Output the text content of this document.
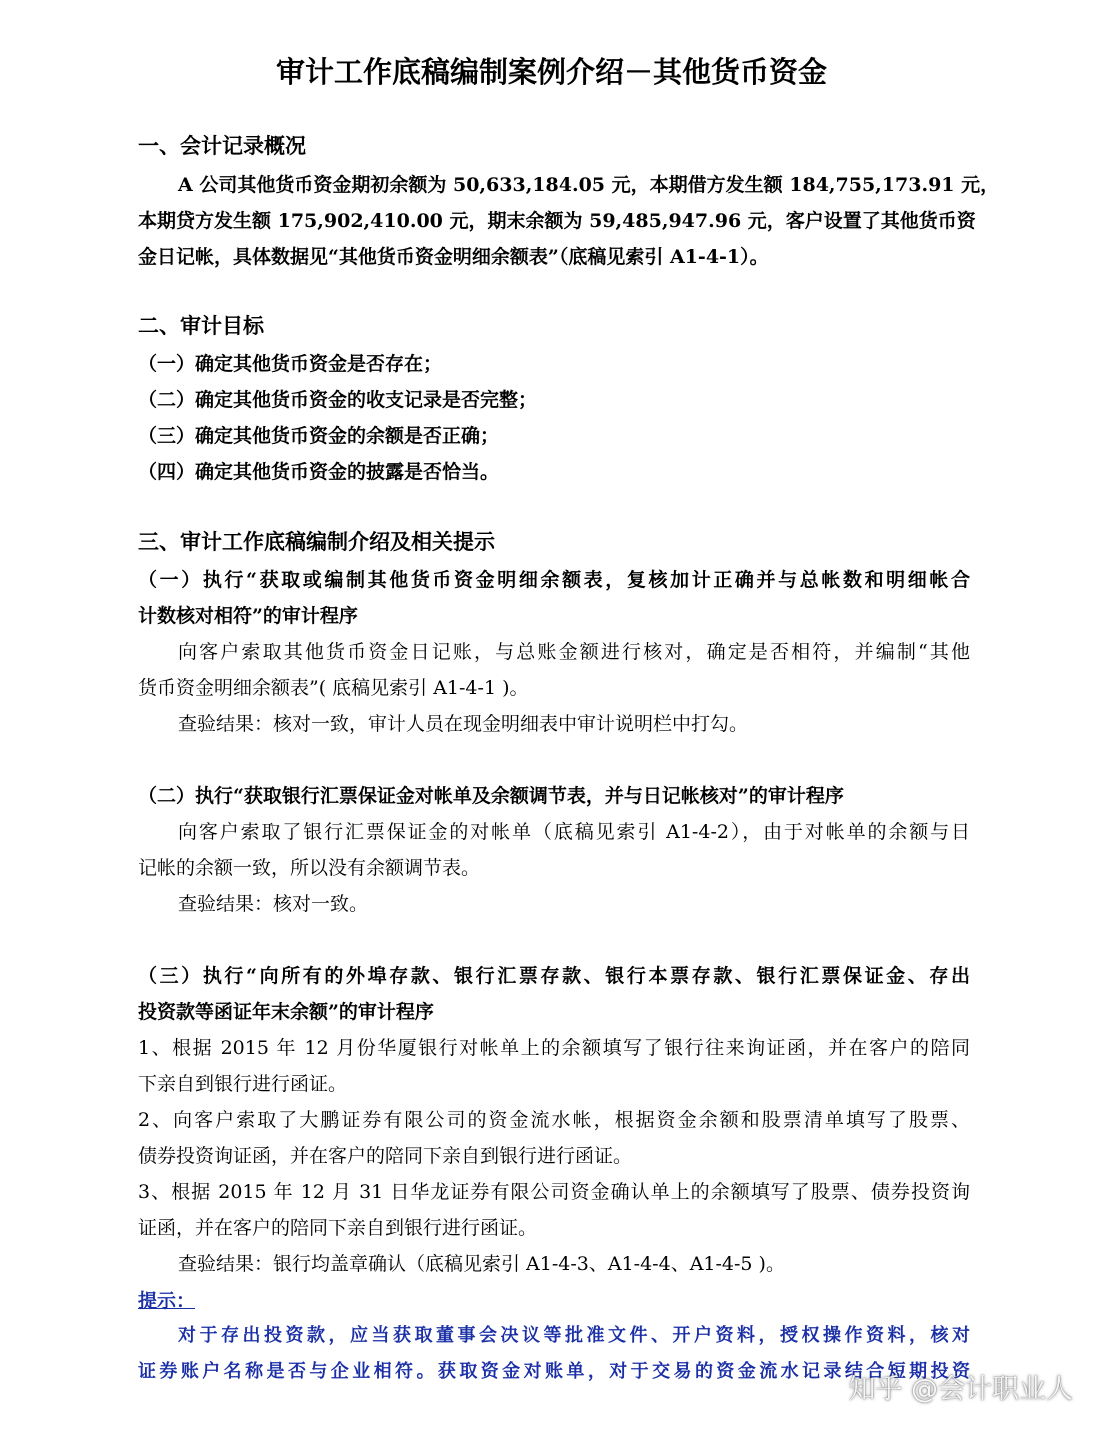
审计工作底稿编制案例介绍－其他货币资金

一、会计记录概况

A 公司其他货币资金期初余额为 50,633,184.05 元，本期借方发生额 184,755,173.91 元，

本期贷方发生额 175,902,410.00 元，期末余额为 59,485,947.96 元，客户设置了其他货币资

金日记帐，具体数据见“其他货币资金明细余额表”（底稿见索引 A1-4-1）。

二、审计目标

（一）确定其他货币资金是否存在；

（二）确定其他货币资金的收支记录是否完整；

（三）确定其他货币资金的余额是否正确；

（四）确定其他货币资金的披露是否恰当。

三、审计工作底稿编制介绍及相关提示

（一）执行“获取或编制其他货币资金明细余额表，复核加计正确并与总帐数和明细帐合

计数核对相符”的审计程序

向客户索取其他货币资金日记账，与总账金额进行核对，确定是否相符，并编制“其他

货币资金明细余额表”( 底稿见索引 A1-4-1 )。

查验结果：核对一致，审计人员在现金明细表中审计说明栏中打勾。

（二）执行“获取银行汇票保证金对帐单及余额调节表，并与日记帐核对”的审计程序

向客户索取了银行汇票保证金的对帐单（底稿见索引 A1-4-2），由于对帐单的余额与日

记帐的余额一致，所以没有余额调节表。

查验结果：核对一致。

（三）执行“向所有的外埠存款、银行汇票存款、银行本票存款、银行汇票保证金、存出

投资款等函证年末余额”的审计程序

1、根据 2015 年 12 月份华厦银行对帐单上的余额填写了银行往来询证函，并在客户的陪同

下亲自到银行进行函证。

2、向客户索取了大鹏证券有限公司的资金流水帐，根据资金余额和股票清单填写了股票、

债券投资询证函，并在客户的陪同下亲自到银行进行函证。

3、根据 2015 年 12 月 31 日华龙证券有限公司资金确认单上的余额填写了股票、债券投资询

证函，并在客户的陪同下亲自到银行进行函证。

查验结果：银行均盖章确认（底稿见索引 A1-4-3、A1-4-4、A1-4-5 )。

提示：

对于存出投资款，应当获取董事会决议等批准文件、开户资料，授权操作资料，核对

证券账户名称是否与企业相符。获取资金对账单，对于交易的资金流水记录结合短期投资

知乎 @会计职业人
